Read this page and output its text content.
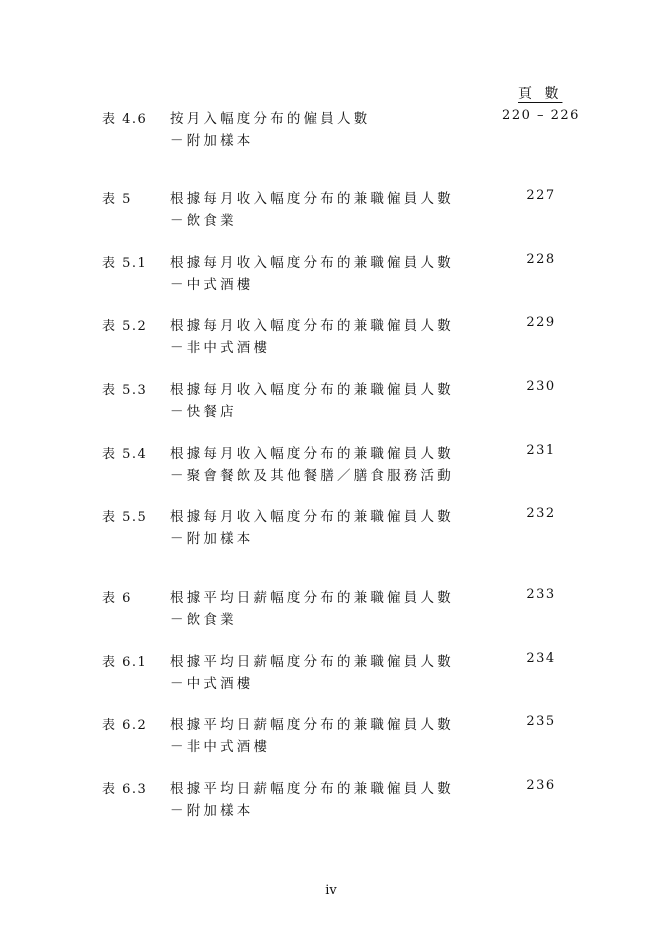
頁 數
表 4.6 按月入幅度分布的僱員人數
－附加樣本
220 – 226
表 5	根據每月收入幅度分布的兼職僱員人數
－飲食業
227
表 5.1 根據每月收入幅度分布的兼職僱員人數
－中式酒樓
228
表 5.2 根據每月收入幅度分布的兼職僱員人數
－非中式酒樓
229
表 5.3 根據每月收入幅度分布的兼職僱員人數
－快餐店
230
表 5.4 根據每月收入幅度分布的兼職僱員人數
－聚會餐飲及其他餐膳／膳食服務活動
231
表 5.5 根據每月收入幅度分布的兼職僱員人數
－附加樣本
232
表 6	根據平均日薪幅度分布的兼職僱員人數
－飲食業
233
表 6.1 根據平均日薪幅度分布的兼職僱員人數
－中式酒樓
234
表 6.2 根據平均日薪幅度分布的兼職僱員人數
－非中式酒樓
235
表 6.3 根據平均日薪幅度分布的兼職僱員人數
－附加樣本
236
iv
